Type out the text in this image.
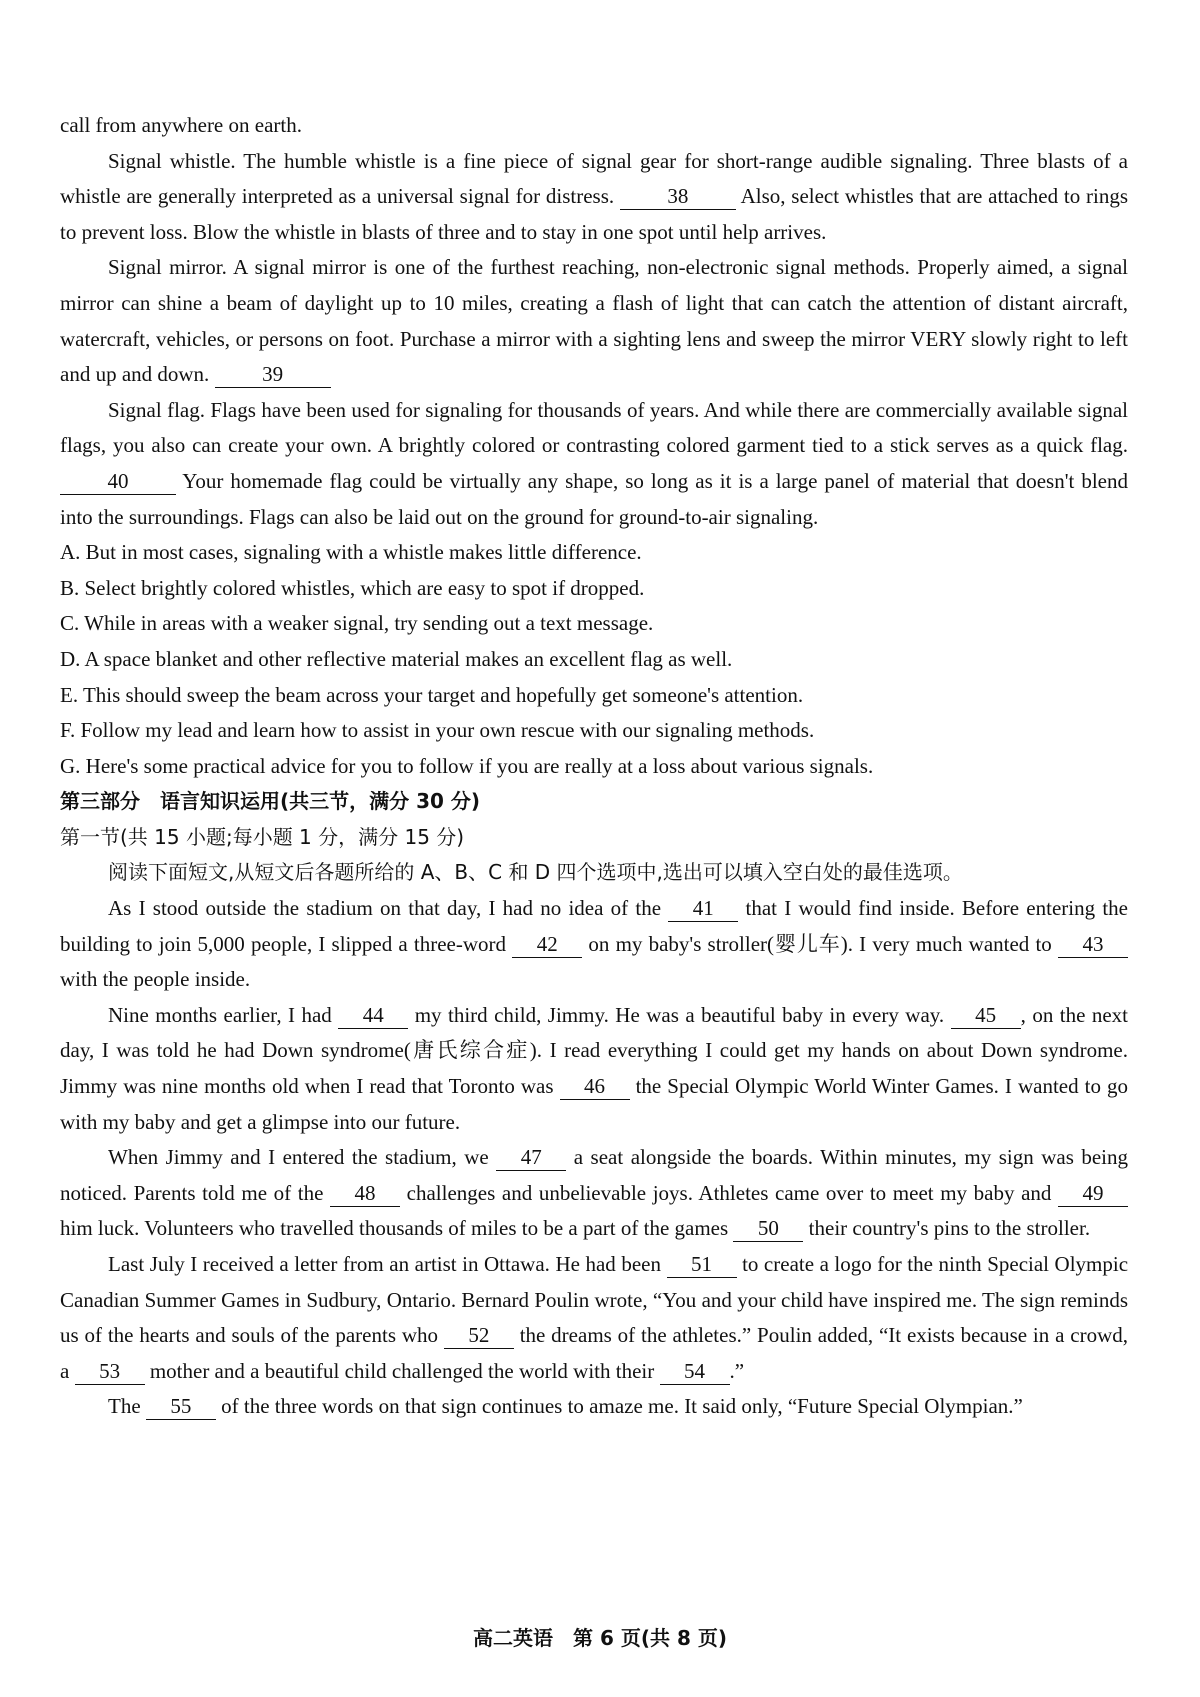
call from anywhere on earth.

Signal whistle. The humble whistle is a fine piece of signal gear for short-range audible signaling. Three blasts of a whistle are generally interpreted as a universal signal for distress.	38 Also, select whistles that are attached to rings to prevent loss. Blow the whistle in blasts of three and to stay in one spot until help arrives.

Signal mirror. A signal mirror is one of the furthest reaching, non-electronic signal methods. Properly aimed, a signal mirror can shine a beam of daylight up to 10 miles, creating a flash of light that can catch the attention of distant aircraft, watercraft, vehicles, or persons on foot. Purchase a mirror with a sighting lens and sweep the mirror VERY slowly right to left and up and down.	39

Signal flag. Flags have been used for signaling for thousands of years. And while there are commercially available signal flags, you also can create your own. A brightly colored or contrasting colored garment tied to a stick serves as a quick flag. 40	Your homemade flag could be virtually any shape, so long as it is a large panel of material that doesn't blend into the surroundings. Flags can also be laid out on the ground for ground-to-air signaling.

A. But in most cases, signaling with a whistle makes little difference.

B. Select brightly colored whistles, which are easy to spot if dropped.

C. While in areas with a weaker signal, try sending out a text message.

D. A space blanket and other reflective material makes an excellent flag as well.

E. This should sweep the beam across your target and hopefully get someone's attention.

F. Follow my lead and learn how to assist in your own rescue with our signaling methods.

G. Here's some practical advice for you to follow if you are really at a loss about various signals.

第三部分　语言知识运用(共三节，满分 30 分)

第一节(共 15 小题;每小题 1 分，满分 15 分)

阅读下面短文,从短文后各题所给的 A、B、C 和 D 四个选项中,选出可以填入空白处的最佳选项。

As I stood outside the stadium on that day, I had no idea of the 41 that I would find inside. Before entering the building to join 5,000 people, I slipped a three-word 42 on my baby's stroller(婴儿车). I very much wanted to 43 with the people inside.

Nine months earlier, I had 44 my third child, Jimmy. He was a beautiful baby in every way. 45 , on the next day, I was told he had Down syndrome(唐氏综合症). I read everything I could get my hands on about Down syndrome. Jimmy was nine months old when I read that Toronto was 46 the Special Olympic World Winter Games. I wanted to go with my baby and get a glimpse into our future.

When Jimmy and I entered the stadium, we 47 a seat alongside the boards. Within minutes, my sign was being noticed. Parents told me of the 48 challenges and unbelievable joys. Athletes came over to meet my baby and 49 him luck. Volunteers who travelled thousands of miles to be a part of the games 50 their country's pins to the stroller.

Last July I received a letter from an artist in Ottawa. He had been 51 to create a logo for the ninth Special Olympic Canadian Summer Games in Sudbury, Ontario. Bernard Poulin wrote, “You and your child have inspired me. The sign reminds us of the hearts and souls of the parents who 52 the dreams of the athletes.” Poulin added, “It exists because in a crowd, a 53 mother and a beautiful child challenged the world with their 54 .”

The 55 of the three words on that sign continues to amaze me. It said only, “Future Special Olympian.”

高二英语　第 6 页(共 8 页)
